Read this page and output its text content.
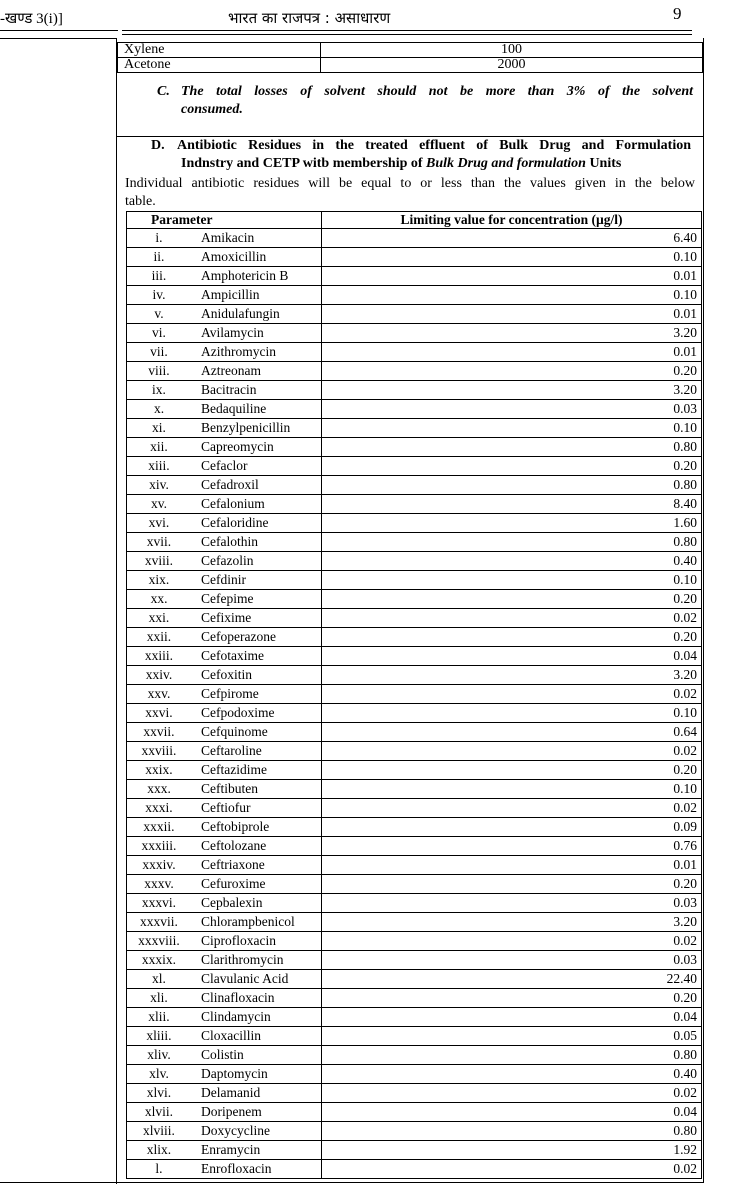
-खण्ड 3(i)]	भारत का राजपत्र : असाधारण	9
Xylene	100
Acetone	2000
C. The total losses of solvent should not be more than 3% of the solvent
consumed.
D. Antibiotic Residues in the treated effluent of Bulk Drug and Formulation
Indnstry and CETP witb membership of Bulk Drug and formulation Units
Individual antibiotic residues will be equal to or less than the values given in the below
table.
Parameter	Limiting value for concentration (µg/l)

i. Amikacin	6.40

ii. Amoxicillin	0.10

iii. Amphotericin B	0.01

iv. Ampicillin	0.10

v. Anidulafungin	0.01

vi. Avilamycin	3.20

vii. Azithromycin	0.01

viii. Aztreonam	0.20

ix. Bacitracin	3.20

x. Bedaquiline	0.03

xi. Benzylpenicillin	0.10

xii. Capreomycin	0.80

xiii. Cefaclor	0.20

xiv. Cefadroxil	0.80

xv. Cefalonium	8.40

xvi. Cefaloridine	1.60

xvii. Cefalothin	0.80

xviii. Cefazolin	0.40

xix. Cefdinir	0.10

xx. Cefepime	0.20

xxi. Cefixime	0.02

xxii. Cefoperazone	0.20

xxiii. Cefotaxime	0.04

xxiv. Cefoxitin	3.20

xxv. Cefpirome	0.02

xxvi. Cefpodoxime	0.10

xxvii. Cefquinome	0.64

xxviii. Ceftaroline	0.02

xxix. Ceftazidime	0.20

xxx. Ceftibuten	0.10

xxxi. Ceftiofur	0.02

xxxii. Ceftobiprole	0.09

xxxiii. Ceftolozane	0.76

xxxiv. Ceftriaxone	0.01

xxxv. Cefuroxime	0.20

xxxvi. Cepbalexin	0.03

xxxvii. Chlorampbenicol	3.20

xxxviii. Ciprofloxacin	0.02

xxxix. Clarithromycin	0.03

xl. Clavulanic Acid	22.40

xli. Clinafloxacin	0.20

xlii. Clindamycin	0.04

xliii. Cloxacillin	0.05

xliv. Colistin	0.80

xlv. Daptomycin	0.40

xlvi. Delamanid	0.02

xlvii. Doripenem	0.04

xlviii. Doxycycline	0.80

xlix. Enramycin	1.92

l. Enrofloxacin	0.02
